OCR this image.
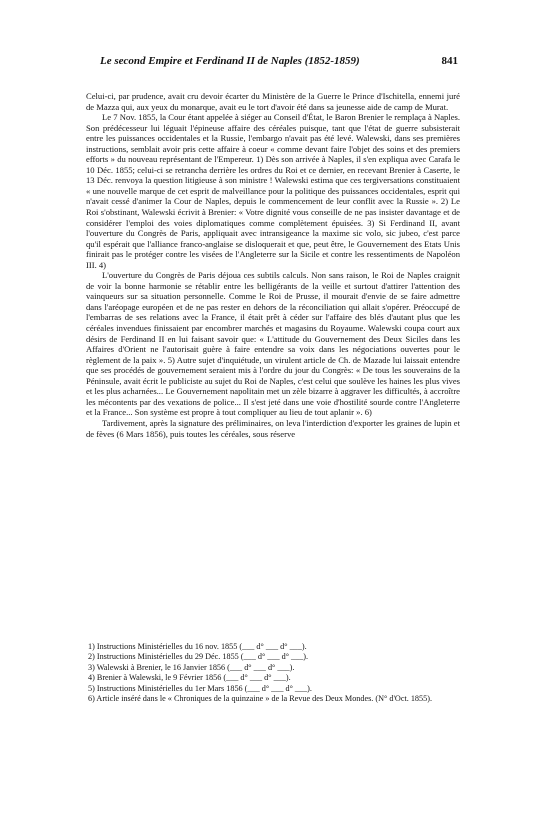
Le second Empire et Ferdinand II de Naples (1852-1859)	841

Celui-ci, par prudence, avait cru devoir écarter du Ministère de la Guerre le Prince d'Ischitella, ennemi juré de Mazza qui, aux yeux du monarque, avait eu le tort d'avoir été dans sa jeunesse aide de camp de Murat.

Le 7 Nov. 1855, la Cour étant appelée à siéger au Conseil d'État, le Baron Brenier le remplaça à Naples. Son prédécesseur lui léguait l'épineuse affaire des céréales puisque, tant que l'état de guerre subsisterait entre les puissances occidentales et la Russie, l'embargo n'avait pas été levé. Walewski, dans ses premières instructions, semblait avoir pris cette affaire à coeur « comme devant faire l'objet des soins et des premiers efforts » du nouveau représentant de l'Empereur. 1) Dès son arrivée à Naples, il s'en expliqua avec Carafa le 10 Déc. 1855; celui-ci se retrancha derrière les ordres du Roi et ce dernier, en recevant Brenier à Caserte, le 13 Déc. renvoya la question litigieuse à son ministre ! Walewski estima que ces tergiversations constituaient « une nouvelle marque de cet esprit de malveillance pour la politique des puissances occidentales, esprit qui n'avait cessé d'animer la Cour de Naples, depuis le commencement de leur conflit avec la Russie ». 2) Le Roi s'obstinant, Walewski écrivit à Brenier: « Votre dignité vous conseille de ne pas insister davantage et de considérer l'emploi des voies diplomatiques comme complètement épuisées. 3) Si Ferdinand II, avant l'ouverture du Congrès de Paris, appliquait avec intransigeance la maxime sic volo, sic jubeo, c'est parce qu'il espérait que l'alliance franco-anglaise se disloquerait et que, peut être, le Gouvernement des Etats Unis finirait pas le protéger contre les visées de l'Angleterre sur la Sicile et contre les ressentiments de Napoléon III. 4)

L'ouverture du Congrès de Paris déjoua ces subtils calculs. Non sans raison, le Roi de Naples craignit de voir la bonne harmonie se rétablir entre les belligérants de la veille et surtout d'attirer l'attention des vainqueurs sur sa situation personnelle. Comme le Roi de Prusse, il mourait d'envie de se faire admettre dans l'aréopage européen et de ne pas rester en dehors de la réconciliation qui allait s'opérer. Préoccupé de l'embarras de ses relations avec la France, il était prêt à céder sur l'affaire des blés d'autant plus que les céréales invendues finissaient par encombrer marchés et magasins du Royaume. Walewski coupa court aux désirs de Ferdinand II en lui faisant savoir que: « L'attitude du Gouvernement des Deux Siciles dans les Affaires d'Orient ne l'autorisait guère à faire entendre sa voix dans les négociations ouvertes pour le règlement de la paix ». 5) Autre sujet d'inquiétude, un virulent article de Ch. de Mazade lui laissait entendre que ses procédés de gouvernement seraient mis à l'ordre du jour du Congrès: « De tous les souverains de la Péninsule, avait écrit le publiciste au sujet du Roi de Naples, c'est celui que soulève les haines les plus vives et les plus acharnées... Le Gouvernement napolitain met un zèle bizarre à aggraver les difficultés, à accroître les mécontents par des vexations de police... Il s'est jeté dans une voie d'hostilité sourde contre l'Angleterre et la France... Son système est propre à tout compliquer au lieu de tout aplanir ». 6)

Tardivement, après la signature des préliminaires, on leva l'interdiction d'exporter les graines de lupin et de fèves (6 Mars 1856), puis toutes les céréales, sous réserve

1) Instructions Ministérielles du 16 nov. 1855 (___ d° ___ d° ___).

2) Instructions Ministérielles du 29 Déc. 1855 (___ d° ___ d° ___).

3) Walewski à Brenier, le 16 Janvier 1856 (___ d° ___ d° ___).

4) Brenier à Walewski, le 9 Février 1856 (___ d° ___ d° ___).

5) Instructions Ministérielles du 1er Mars 1856 (___ d° ___ d° ___).

6) Article inséré dans le « Chroniques de la quinzaine » de la Revue des Deux Mondes. (N° d'Oct. 1855).
